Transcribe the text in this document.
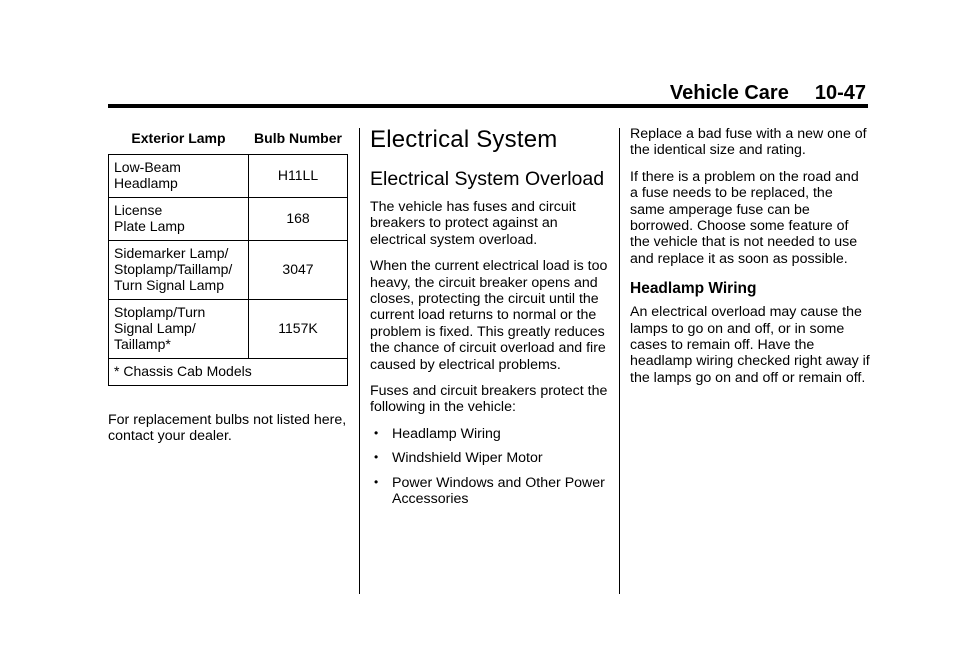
Vehicle Care 10-47
Exterior Lamp	Bulb Number
Low-Beam
Headlamp	H11LL
License
Plate Lamp	168
Sidemarker Lamp/
Stoplamp/Taillamp/
Turn Signal Lamp	3047
Stoplamp/Turn
Signal Lamp/
Taillamp*	1157K
* Chassis Cab Models	

For replacement bulbs not listed here, contact your dealer.

Electrical System
Electrical System Overload

The vehicle has fuses and circuit breakers to protect against an electrical system overload.

When the current electrical load is too heavy, the circuit breaker opens and closes, protecting the circuit until the current load returns to normal or the problem is fixed. This greatly reduces the chance of circuit overload and fire caused by electrical problems.

Fuses and circuit breakers protect the following in the vehicle:

• Headlamp Wiring
• Windshield Wiper Motor
• Power Windows and Other Power Accessories

Replace a bad fuse with a new one of the identical size and rating.

If there is a problem on the road and a fuse needs to be replaced, the same amperage fuse can be borrowed. Choose some feature of the vehicle that is not needed to use and replace it as soon as possible.

Headlamp Wiring

An electrical overload may cause the lamps to go on and off, or in some cases to remain off. Have the headlamp wiring checked right away if the lamps go on and off or remain off.
